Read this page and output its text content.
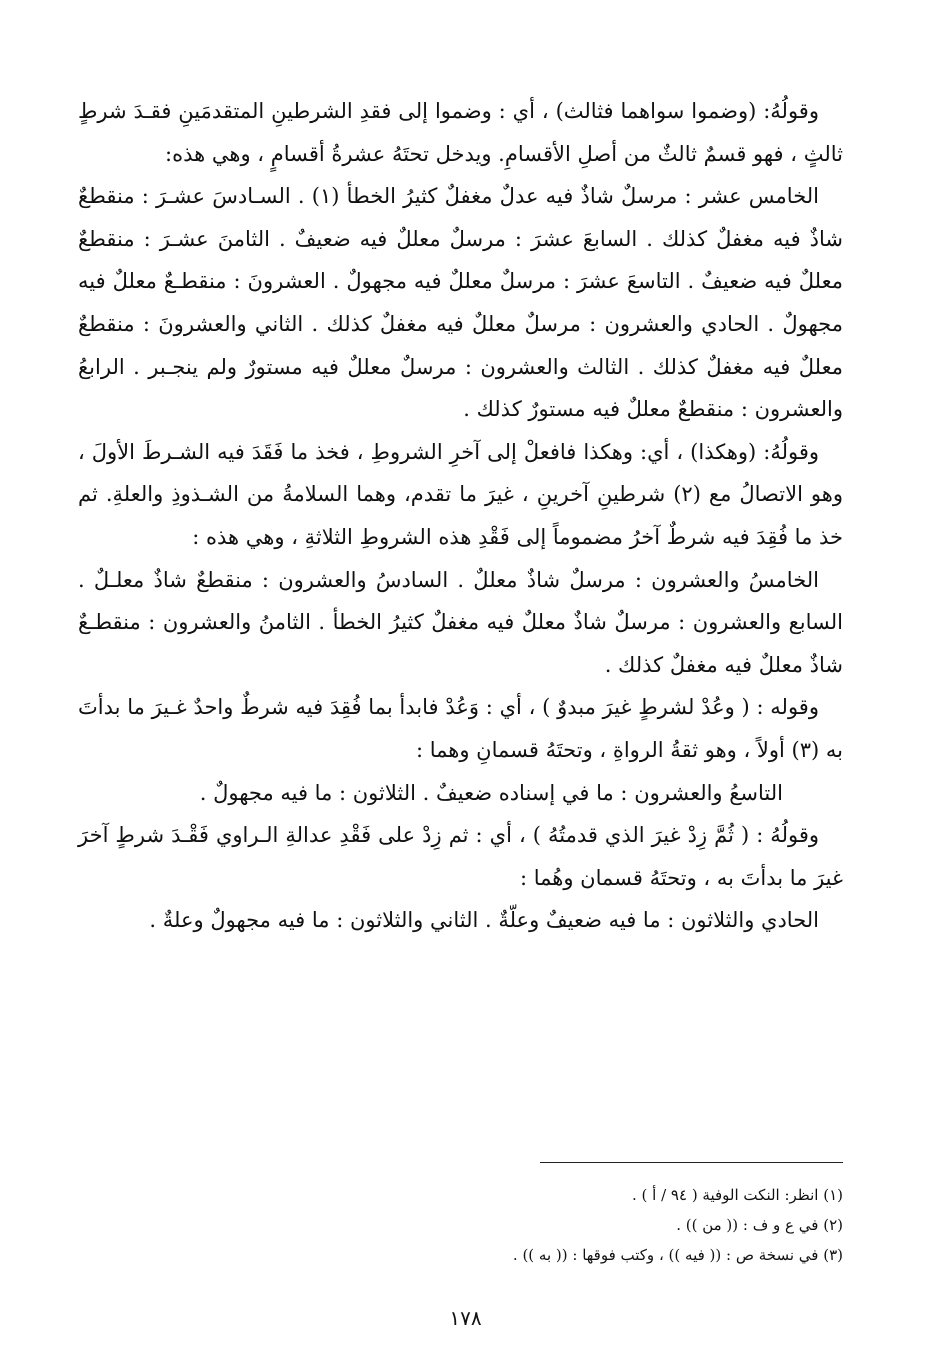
وقولُهُ: (وضموا سواهما فثالث) ، أي : وضموا إلى فقدِ الشرطينِ المتقدمَينِ فقـدَ شرطٍ ثالثٍ ، فهو قسمٌ ثالثٌ من أصلِ الأقسامِ. ويدخل تحتَهُ عشرةُ أقسامٍ ، وهي هذه:

الخامس عشر : مرسلٌ شاذٌ فيه عدلٌ مغفلٌ كثيرُ الخطأ (١) . السـادسَ عشـرَ : منقطعٌ شاذٌ فيه مغفلٌ كذلك . السابعَ عشرَ : مرسلٌ معللٌ فيه ضعيفٌ . الثامنَ عشـرَ : منقطعٌ معللٌ فيه ضعيفٌ . التاسعَ عشرَ : مرسلٌ معللٌ فيه مجهولٌ . العشرونَ : منقطـعٌ معللٌ فيه مجهولٌ . الحادي والعشرون : مرسلٌ معللٌ فيه مغفلٌ كذلك . الثاني والعشرونَ : منقطعٌ معللٌ فيه مغفلٌ كذلك . الثالث والعشرون : مرسلٌ معللٌ فيه مستورٌ ولم ينجـبر . الرابعُ والعشرون : منقطعٌ معللٌ فيه مستورٌ كذلك .

وقولُهُ: (وهكذا) ، أي: وهكذا فافعلْ إلى آخرِ الشروطِ ، فخذ ما فَقَدَ فيه الشـرطَ الأولَ ، وهو الاتصالُ مع (٢) شرطينِ آخرينِ ، غيرَ ما تقدم، وهما السلامةُ من الشـذوذِ والعلةِ. ثم خذ ما فُقِدَ فيه شرطٌ آخرُ مضموماً إلى فَقْدِ هذه الشروطِ الثلاثةِ ، وهي هذه :

الخامسُ والعشرون : مرسلٌ شاذٌ معللٌ . السادسُ والعشرون : منقطعٌ شاذٌ معلـلٌ . السابع والعشرون : مرسلٌ شاذٌ معللٌ فيه مغفلٌ كثيرُ الخطأ . الثامنُ والعشرون : منقطـعٌ شاذٌ معللٌ فيه مغفلٌ كذلك .

وقوله : ( وعُدْ لشرطٍ غيرَ مبدوٌ ) ، أي : وَعُدْ فابدأ بما فُقِدَ فيه شرطٌ واحدٌ غـيرَ ما بدأتَ به (٣) أولاً ، وهو ثقةُ الرواةِ ، وتحتَهُ قسمانِ وهما :

التاسعُ والعشرون : ما في إسناده ضعيفٌ . الثلاثون : ما فيه مجهولٌ .

وقولُهُ : ( ثُمَّ زِدْ غيرَ الذي قدمتُهُ ) ، أي : ثم زِدْ على فَقْدِ عدالةِ الـراوي فَقْـدَ شرطٍ آخرَ غيرَ ما بدأتَ به ، وتحتَهُ قسمان وهُما :

الحادي والثلاثون : ما فيه ضعيفٌ وعلّةٌ . الثاني والثلاثون : ما فيه مجهولٌ وعلةٌ .

(١) انظر: النكت الوفية ( ٩٤ / أ ) .
(٢) في ع و ف : (( من )) .
(٣) في نسخة ص : (( فيه )) ، وكتب فوقها : (( به )) .
١٧٨
